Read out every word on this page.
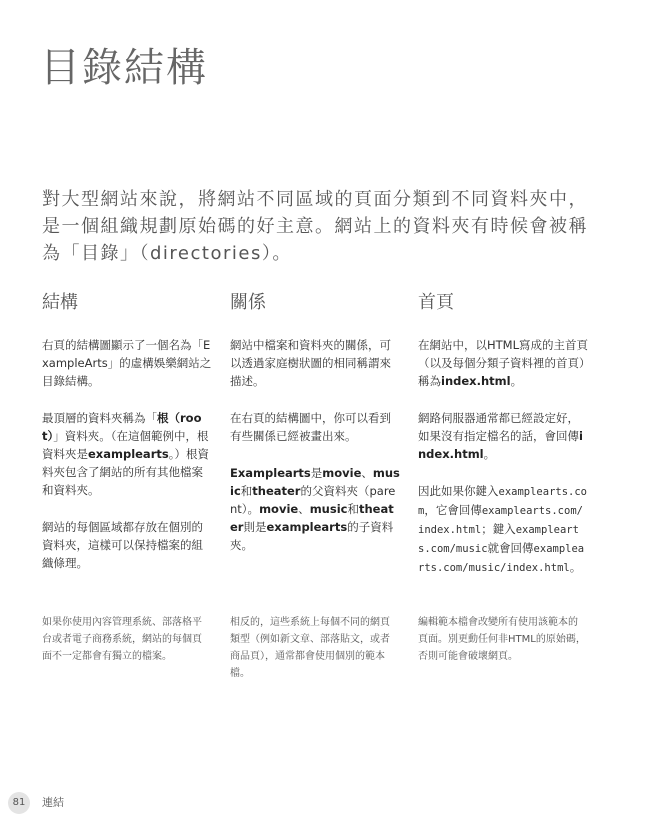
目錄結構

對大型網站來說，將網站不同區域的頁面分類到不同資料夾中，是一個組織規劃原始碼的好主意。網站上的資料夾有時候會被稱為「目錄」（directories）。

結構

右頁的結構圖顯示了一個名為「ExampleArts」的虛構娛樂網站之目錄結構。

最頂層的資料夾稱為「根（root）」資料夾。（在這個範例中，根資料夾是examplearts。）根資料夾包含了網站的所有其他檔案和資料夾。

網站的每個區域都存放在個別的資料夾，這樣可以保持檔案的組織條理。

關係

網站中檔案和資料夾的關係，可以透過家庭樹狀圖的相同稱謂來描述。

在右頁的結構圖中，你可以看到有些關係已經被畫出來。

Examplearts是movie、music和theater的父資料夾（parent）。movie、music和theater則是examplearts的子資料夾。

首頁

在網站中，以HTML寫成的主首頁（以及每個分類子資料裡的首頁）稱為index.html。

網路伺服器通常都已經設定好，如果沒有指定檔名的話，會回傳index.html。

因此如果你鍵入examplearts.com，它會回傳examplearts.com/index.html；鍵入examplearts.com/music就會回傳examplearts.com/music/index.html。

如果你使用內容管理系統、部落格平台或者電子商務系統，網站的每個頁面不一定都會有獨立的檔案。

相反的，這些系統上每個不同的網頁類型（例如新文章、部落貼文，或者商品頁），通常都會使用個別的範本檔。

編輯範本檔會改變所有使用該範本的頁面。別更動任何非HTML的原始碼，否則可能會破壞網頁。

81	連結
